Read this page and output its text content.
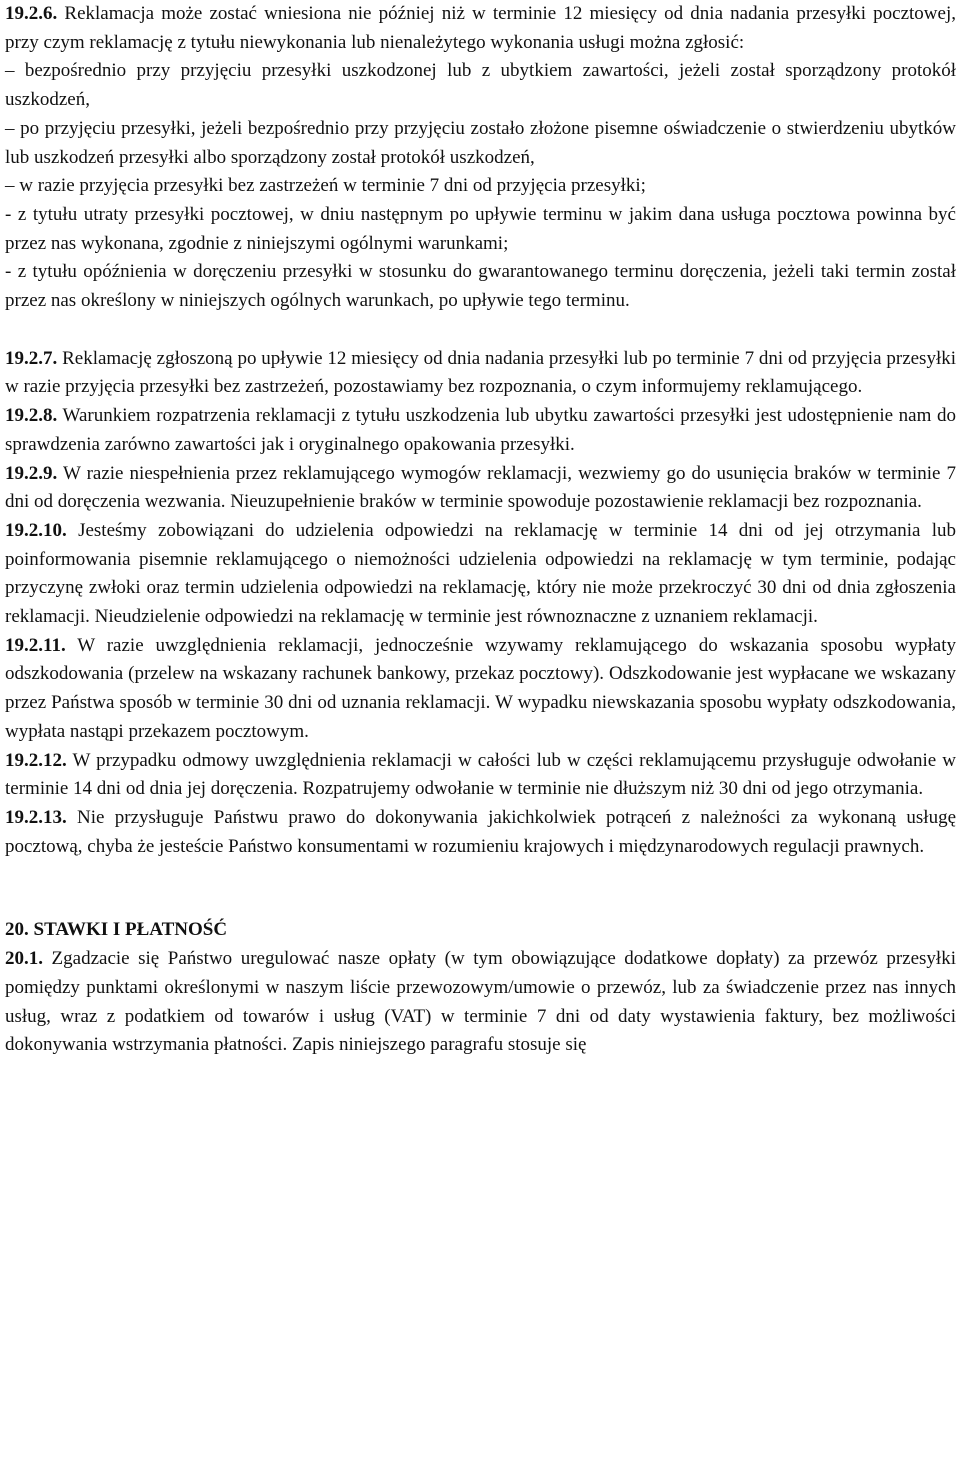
19.2.6. Reklamacja może zostać wniesiona nie później niż w terminie 12 miesięcy od dnia nadania przesyłki pocztowej, przy czym reklamację z tytułu niewykonania lub nienależytego wykonania usługi można zgłosić:

– bezpośrednio przy przyjęciu przesyłki uszkodzonej lub z ubytkiem zawartości, jeżeli został sporządzony protokół uszkodzeń,

– po przyjęciu przesyłki, jeżeli bezpośrednio przy przyjęciu zostało złożone pisemne oświadczenie o stwierdzeniu ubytków lub uszkodzeń przesyłki albo sporządzony został protokół uszkodzeń,

– w razie przyjęcia przesyłki bez zastrzeżeń w terminie 7 dni od przyjęcia przesyłki;

- z tytułu utraty przesyłki pocztowej, w dniu następnym po upływie terminu w jakim dana usługa pocztowa powinna być przez nas wykonana, zgodnie z niniejszymi ogólnymi warunkami;

- z tytułu opóźnienia w doręczeniu przesyłki w stosunku do gwarantowanego terminu doręczenia, jeżeli taki termin został przez nas określony w niniejszych ogólnych warunkach, po upływie tego terminu.

19.2.7. Reklamację zgłoszoną po upływie 12 miesięcy od dnia nadania przesyłki lub po terminie 7 dni od przyjęcia przesyłki w razie przyjęcia przesyłki bez zastrzeżeń, pozostawiamy bez rozpoznania, o czym informujemy reklamującego.

19.2.8. Warunkiem rozpatrzenia reklamacji z tytułu uszkodzenia lub ubytku zawartości przesyłki jest udostępnienie nam do sprawdzenia zarówno zawartości jak i oryginalnego opakowania przesyłki.

19.2.9. W razie niespełnienia przez reklamującego wymogów reklamacji, wezwiemy go do usunięcia braków w terminie 7 dni od doręczenia wezwania. Nieuzupełnienie braków w terminie spowoduje pozostawienie reklamacji bez rozpoznania.

19.2.10. Jesteśmy zobowiązani do udzielenia odpowiedzi na reklamację w terminie 14 dni od jej otrzymania lub poinformowania pisemnie reklamującego o niemożności udzielenia odpowiedzi na reklamację w tym terminie, podając przyczynę zwłoki oraz termin udzielenia odpowiedzi na reklamację, który nie może przekroczyć 30 dni od dnia zgłoszenia reklamacji. Nieudzielenie odpowiedzi na reklamację w terminie jest równoznaczne z uznaniem reklamacji.

19.2.11. W razie uwzględnienia reklamacji, jednocześnie wzywamy reklamującego do wskazania sposobu wypłaty odszkodowania (przelew na wskazany rachunek bankowy, przekaz pocztowy). Odszkodowanie jest wypłacane we wskazany przez Państwa sposób w terminie 30 dni od uznania reklamacji. W wypadku niewskazania sposobu wypłaty odszkodowania, wypłata nastąpi przekazem pocztowym.

19.2.12. W przypadku odmowy uwzględnienia reklamacji w całości lub w części reklamującemu przysługuje odwołanie w terminie 14 dni od dnia jej doręczenia. Rozpatrujemy odwołanie w terminie nie dłuższym niż 30 dni od jego otrzymania.

19.2.13. Nie przysługuje Państwu prawo do dokonywania jakichkolwiek potrąceń z należności za wykonaną usługę pocztową, chyba że jesteście Państwo konsumentami w rozumieniu krajowych i międzynarodowych regulacji prawnych.

20. STAWKI I PŁATNOŚĆ

20.1. Zgadzacie się Państwo uregulować nasze opłaty (w tym obowiązujące dodatkowe dopłaty) za przewóz przesyłki pomiędzy punktami określonymi w naszym liście przewozowym/umowie o przewóz, lub za świadczenie przez nas innych usług, wraz z podatkiem od towarów i usług (VAT) w terminie 7 dni od daty wystawienia faktury, bez możliwości dokonywania wstrzymania płatności. Zapis niniejszego paragrafu stosuje się
